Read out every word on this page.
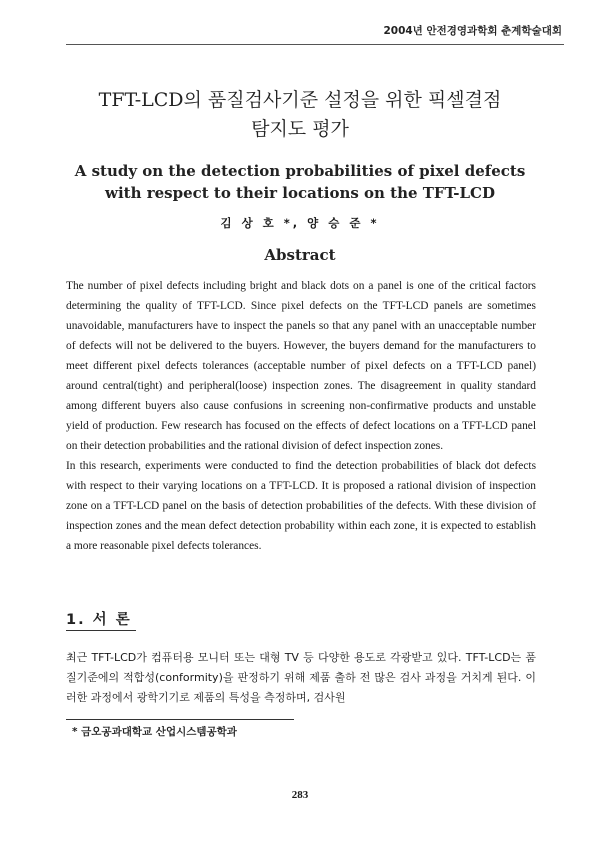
2004년 안전경영과학회 춘계학술대회
TFT-LCD의 품질검사기준 설정을 위한 픽셀결점
탐지도 평가
A study on the detection probabilities of pixel defects
with respect to their locations on the TFT-LCD
김 상 호 *, 양 승 준 *
Abstract

The number of pixel defects including bright and black dots on a panel is one of the critical factors determining the quality of TFT-LCD. Since pixel defects on the TFT-LCD panels are sometimes unavoidable, manufacturers have to inspect the panels so that any panel with an unacceptable number of defects will not be delivered to the buyers. However, the buyers demand for the manufacturers to meet different pixel defects tolerances (acceptable number of pixel defects on a TFT-LCD panel) around central(tight) and peripheral(loose) inspection zones. The disagreement in quality standard among different buyers also cause confusions in screening non-confirmative products and unstable yield of production. Few research has focused on the effects of defect locations on a TFT-LCD panel on their detection probabilities and the rational division of defect inspection zones.

In this research, experiments were conducted to find the detection probabilities of black dot defects with respect to their varying locations on a TFT-LCD. It is proposed a rational division of inspection zone on a TFT-LCD panel on the basis of detection probabilities of the defects. With these division of inspection zones and the mean defect detection probability within each zone, it is expected to establish a more reasonable pixel defects tolerances.

1. 서 론

최근 TFT-LCD가 컴퓨터용 모니터 또는 대형 TV 등 다양한 용도로 각광받고 있다. TFT-LCD는 품질기준에의 적합성(conformity)을 판정하기 위해 제품 출하 전 많은 검사 과정을 거치게 된다. 이러한 과정에서 광학기기로 제품의 특성을 측정하며, 검사원

* 금오공과대학교 산업시스템공학과
283
